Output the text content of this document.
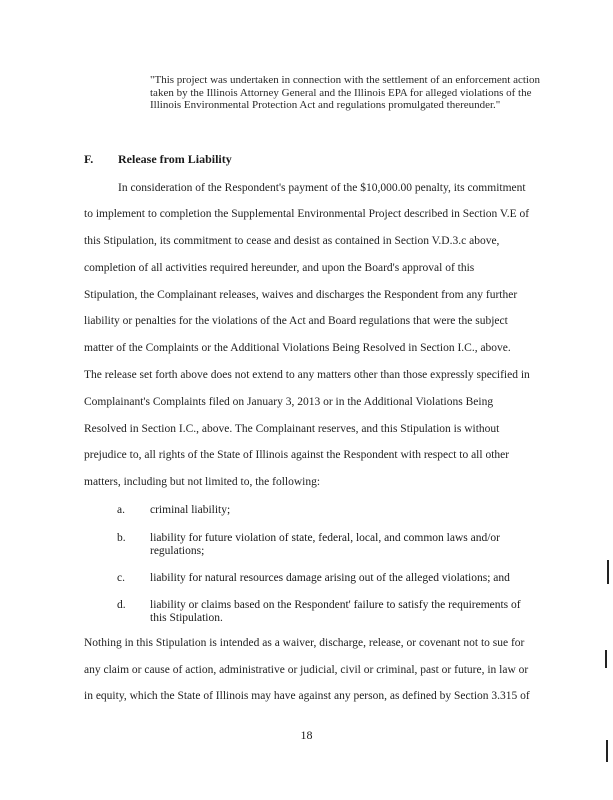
"This project was undertaken in connection with the settlement of an enforcement action taken by the Illinois Attorney General and the Illinois EPA for alleged violations of the Illinois Environmental Protection Act and regulations promulgated thereunder."
F. Release from Liability
In consideration of the Respondent's payment of the $10,000.00 penalty, its commitment
to implement to completion the Supplemental Environmental Project described in Section V.E of
this Stipulation, its commitment to cease and desist as contained in Section V.D.3.c above,
completion of all activities required hereunder, and upon the Board's approval of this
Stipulation, the Complainant releases, waives and discharges the Respondent from any further
liability or penalties for the violations of the Act and Board regulations that were the subject
matter of the Complaints or the Additional Violations Being Resolved in Section I.C., above.
The release set forth above does not extend to any matters other than those expressly specified in
Complainant's Complaints filed on January 3, 2013 or in the Additional Violations Being
Resolved in Section I.C., above. The Complainant reserves, and this Stipulation is without
prejudice to, all rights of the State of Illinois against the Respondent with respect to all other
matters, including but not limited to, the following:
a. criminal liability;
b. liability for future violation of state, federal, local, and common laws and/or regulations;
c. liability for natural resources damage arising out of the alleged violations; and
d. liability or claims based on the Respondent' failure to satisfy the requirements of this Stipulation.
Nothing in this Stipulation is intended as a waiver, discharge, release, or covenant not to sue for
any claim or cause of action, administrative or judicial, civil or criminal, past or future, in law or
in equity, which the State of Illinois may have against any person, as defined by Section 3.315 of
18
